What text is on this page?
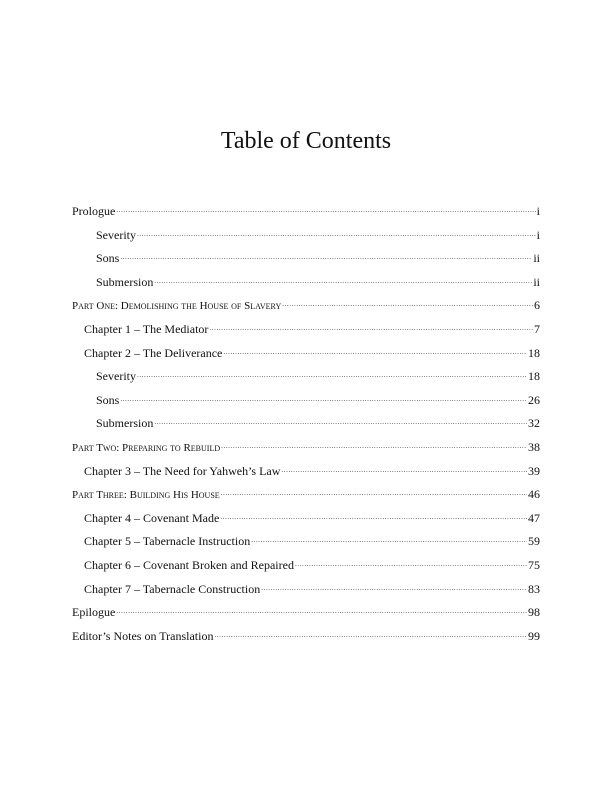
Table of Contents
Prologue .....	i
Severity .....	i
Sons .....	ii
Submersion .....	ii
Part One: Demolishing the House of Slavery .....	6
Chapter 1 – The Mediator .....	7
Chapter 2 – The Deliverance .....	18
Severity .....	18
Sons .....	26
Submersion .....	32
Part Two: Preparing to Rebuild .....	38
Chapter 3 – The Need for Yahweh’s Law .....	39
Part Three: Building His House .....	46
Chapter 4 – Covenant Made .....	47
Chapter 5 – Tabernacle Instruction .....	59
Chapter 6 – Covenant Broken and Repaired .....	75
Chapter 7 – Tabernacle Construction .....	83
Epilogue .....	98
Editor’s Notes on Translation .....	99
